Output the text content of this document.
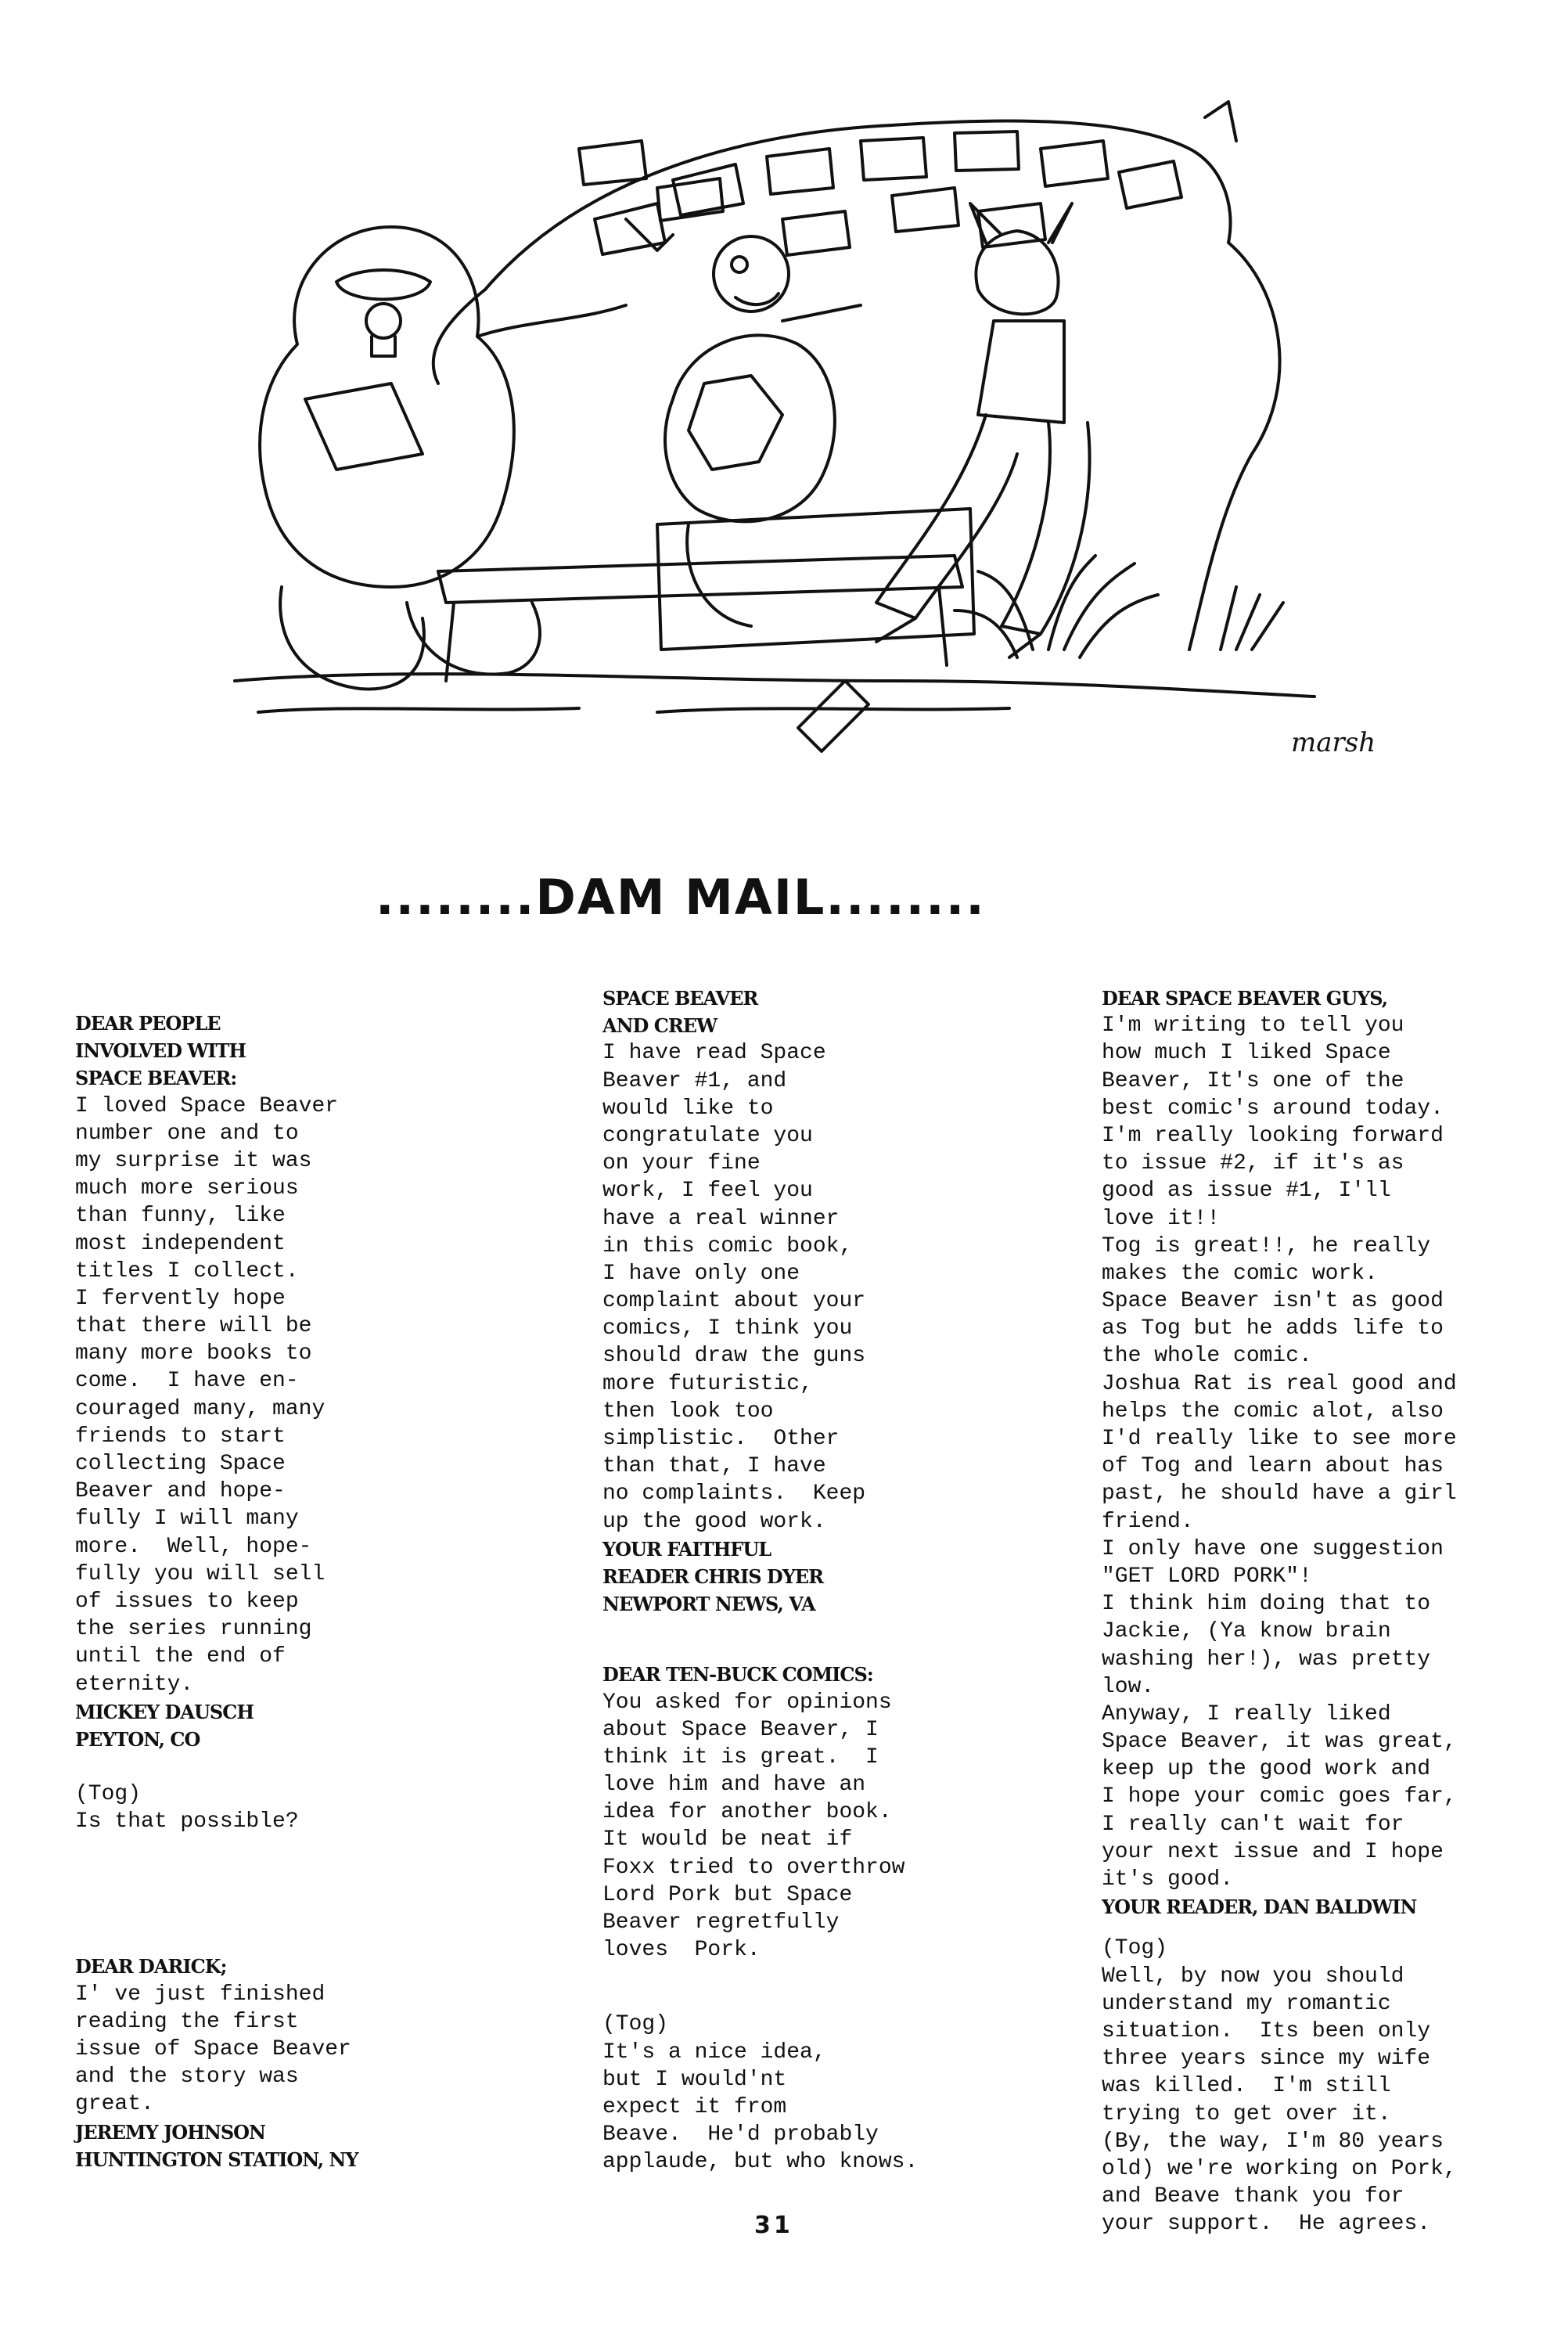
marsh
........DAM MAIL........
DEAR PEOPLE
INVOLVED WITH
SPACE BEAVER:
I loved Space Beaver
number one and to
my surprise it was
much more serious
than funny, like
most independent
titles I collect.
I fervently hope
that there will be
many more books to
come.  I have en-
couraged many, many
friends to start
collecting Space
Beaver and hope-
fully I will many
more.  Well, hope-
fully you will sell
of issues to keep
the series running
until the end of
eternity.
MICKEY DAUSCH
PEYTON, CO
(Tog)
Is that possible?
DEAR DARICK;
I' ve just finished
reading the first
issue of Space Beaver
and the story was
great.
JEREMY JOHNSON
HUNTINGTON STATION, NY
SPACE BEAVER
AND CREW
I have read Space
Beaver #1, and
would like to
congratulate you
on your fine
work, I feel you
have a real winner
in this comic book,
I have only one
complaint about your
comics, I think you
should draw the guns
more futuristic,
then look too
simplistic.  Other
than that, I have
no complaints.  Keep
up the good work.
YOUR FAITHFUL
READER CHRIS DYER
NEWPORT NEWS, VA
DEAR TEN-BUCK COMICS:
You asked for opinions
about Space Beaver, I
think it is great.  I
love him and have an
idea for another book.
It would be neat if
Foxx tried to overthrow
Lord Pork but Space
Beaver regretfully
loves  Pork.
(Tog)
It's a nice idea,
but I would'nt
expect it from
Beave.  He'd probably
applaude, but who knows.
DEAR SPACE BEAVER GUYS,
I'm writing to tell you
how much I liked Space
Beaver, It's one of the
best comic's around today.
I'm really looking forward
to issue #2, if it's as
good as issue #1, I'll
love it!!
Tog is great!!, he really
makes the comic work.
Space Beaver isn't as good
as Tog but he adds life to
the whole comic.
Joshua Rat is real good and
helps the comic alot, also
I'd really like to see more
of Tog and learn about has
past, he should have a girl
friend.
I only have one suggestion
"GET LORD PORK"!
I think him doing that to
Jackie, (Ya know brain
washing her!), was pretty
low.
Anyway, I really liked
Space Beaver, it was great,
keep up the good work and
I hope your comic goes far,
I really can't wait for
your next issue and I hope
it's good.
YOUR READER, DAN BALDWIN
(Tog)
Well, by now you should
understand my romantic
situation.  Its been only
three years since my wife
was killed.  I'm still
trying to get over it.
(By, the way, I'm 80 years
old) we're working on Pork,
and Beave thank you for
your support.  He agrees.
31
